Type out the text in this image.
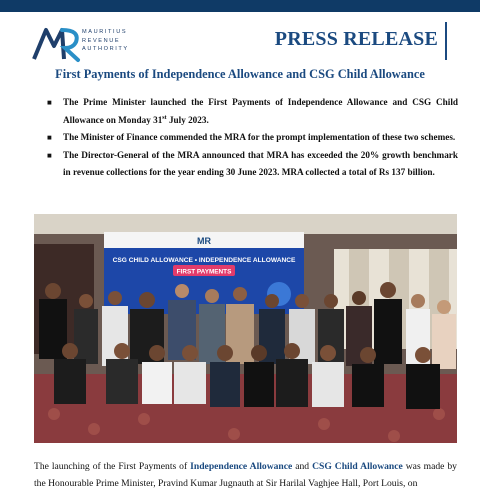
MAURITIUS
REVENUE
AUTHORITY	PRESS RELEASE
First Payments of Independence Allowance and CSG Child Allowance
■ The Prime Minister launched the First Payments of Independence Allowance and CSG Child Allowance on Monday 31st July 2023.
■ The Minister of Finance commended the MRA for the prompt implementation of these two schemes.
■ The Director-General of the MRA announced that MRA has exceeded the 20% growth benchmark in revenue collections for the year ending 30 June 2023. MRA collected a total of Rs 137 billion.
MR
CSG CHILD ALLOWANCE • INDEPENDENCE ALLOWANCE
FIRST PAYMENTS
The launching of the First Payments of Independence Allowance and CSG Child Allowance was made by the Honourable Prime Minister, Pravind Kumar Jugnauth at Sir Harilal Vaghjee Hall, Port Louis, on
